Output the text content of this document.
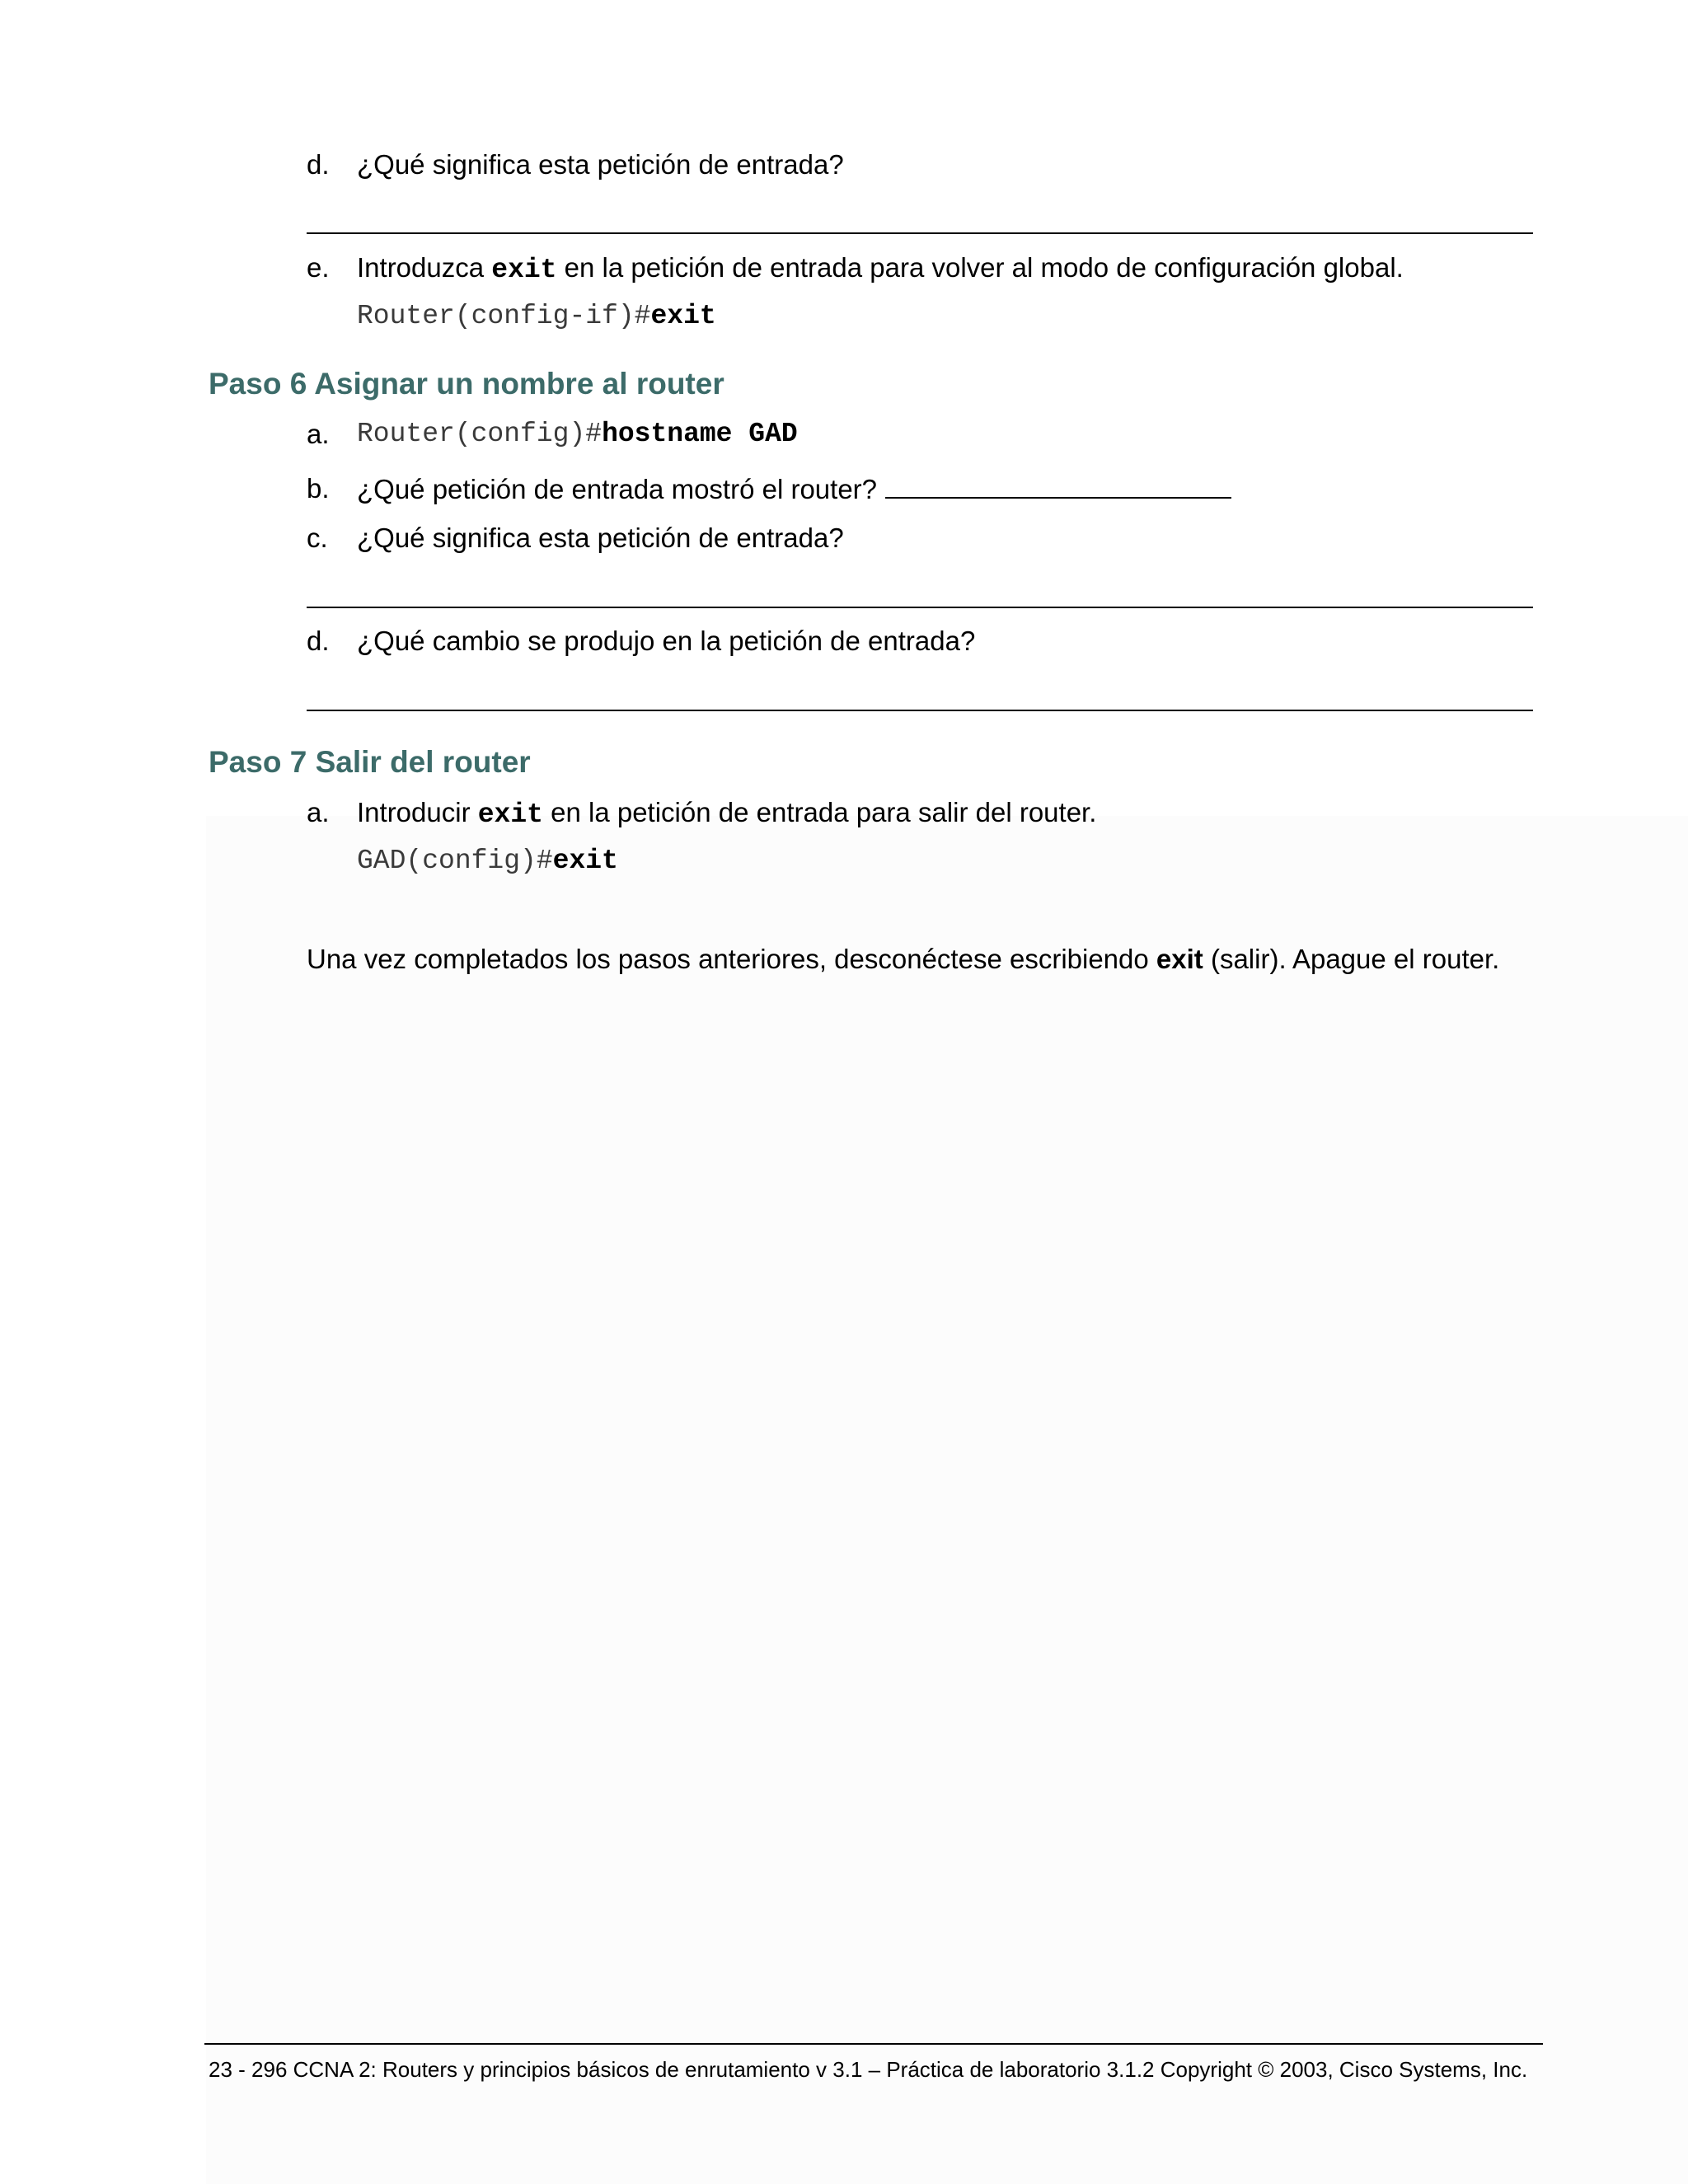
d. ¿Qué significa esta petición de entrada?
e. Introduzca exit en la petición de entrada para volver al modo de configuración global.
Router(config-if)#exit
Paso 6 Asignar un nombre al router
a. Router(config)#hostname GAD
b. ¿Qué petición de entrada mostró el router?
c. ¿Qué significa esta petición de entrada?
d. ¿Qué cambio se produjo en la petición de entrada?
Paso 7 Salir del router
a. Introducir exit en la petición de entrada para salir del router.
GAD(config)#exit
Una vez completados los pasos anteriores, desconéctese escribiendo exit (salir). Apague el router.
23 - 296 CCNA 2: Routers y principios básicos de enrutamiento v 3.1 – Práctica de laboratorio 3.1.2 Copyright © 2003, Cisco Systems, Inc.
